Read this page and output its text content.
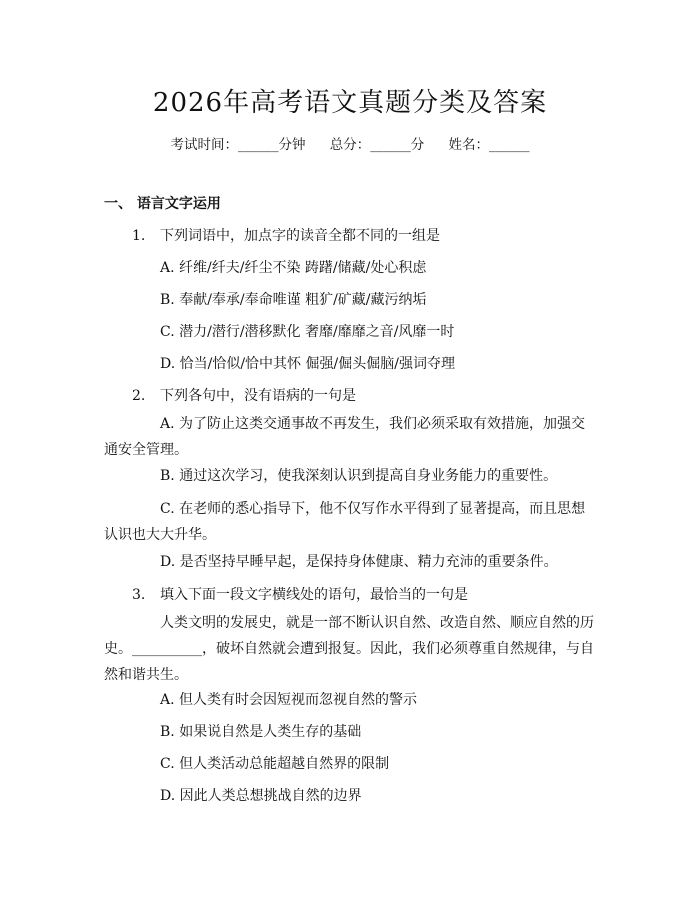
2026年高考语文真题分类及答案
考试时间：______分钟 总分：______分 姓名：______
一、 语言文字运用
1. 下列词语中，加点字的读音全都不同的一组是
A. 纤维/纤夫/纤尘不染 踌躇/储藏/处心积虑
B. 奉献/奉承/奉命唯谨 粗犷/矿藏/藏污纳垢
C. 潜力/潜行/潜移默化 奢靡/靡靡之音/风靡一时
D. 恰当/恰似/恰中其怀 倔强/倔头倔脑/强词夺理
2. 下列各句中，没有语病的一句是
A. 为了防止这类交通事故不再发生，我们必须采取有效措施，加强交通安全管理。
B. 通过这次学习，使我深刻认识到提高自身业务能力的重要性。
C. 在老师的悉心指导下，他不仅写作水平得到了显著提高，而且思想认识也大大升华。
D. 是否坚持早睡早起，是保持身体健康、精力充沛的重要条件。
3. 填入下面一段文字横线处的语句，最恰当的一句是
人类文明的发展史，就是一部不断认识自然、改造自然、顺应自然的历史。__________，破坏自然就会遭到报复。因此，我们必须尊重自然规律，与自然和谐共生。
A. 但人类有时会因短视而忽视自然的警示
B. 如果说自然是人类生存的基础
C. 但人类活动总能超越自然界的限制
D. 因此人类总想挑战自然的边界
